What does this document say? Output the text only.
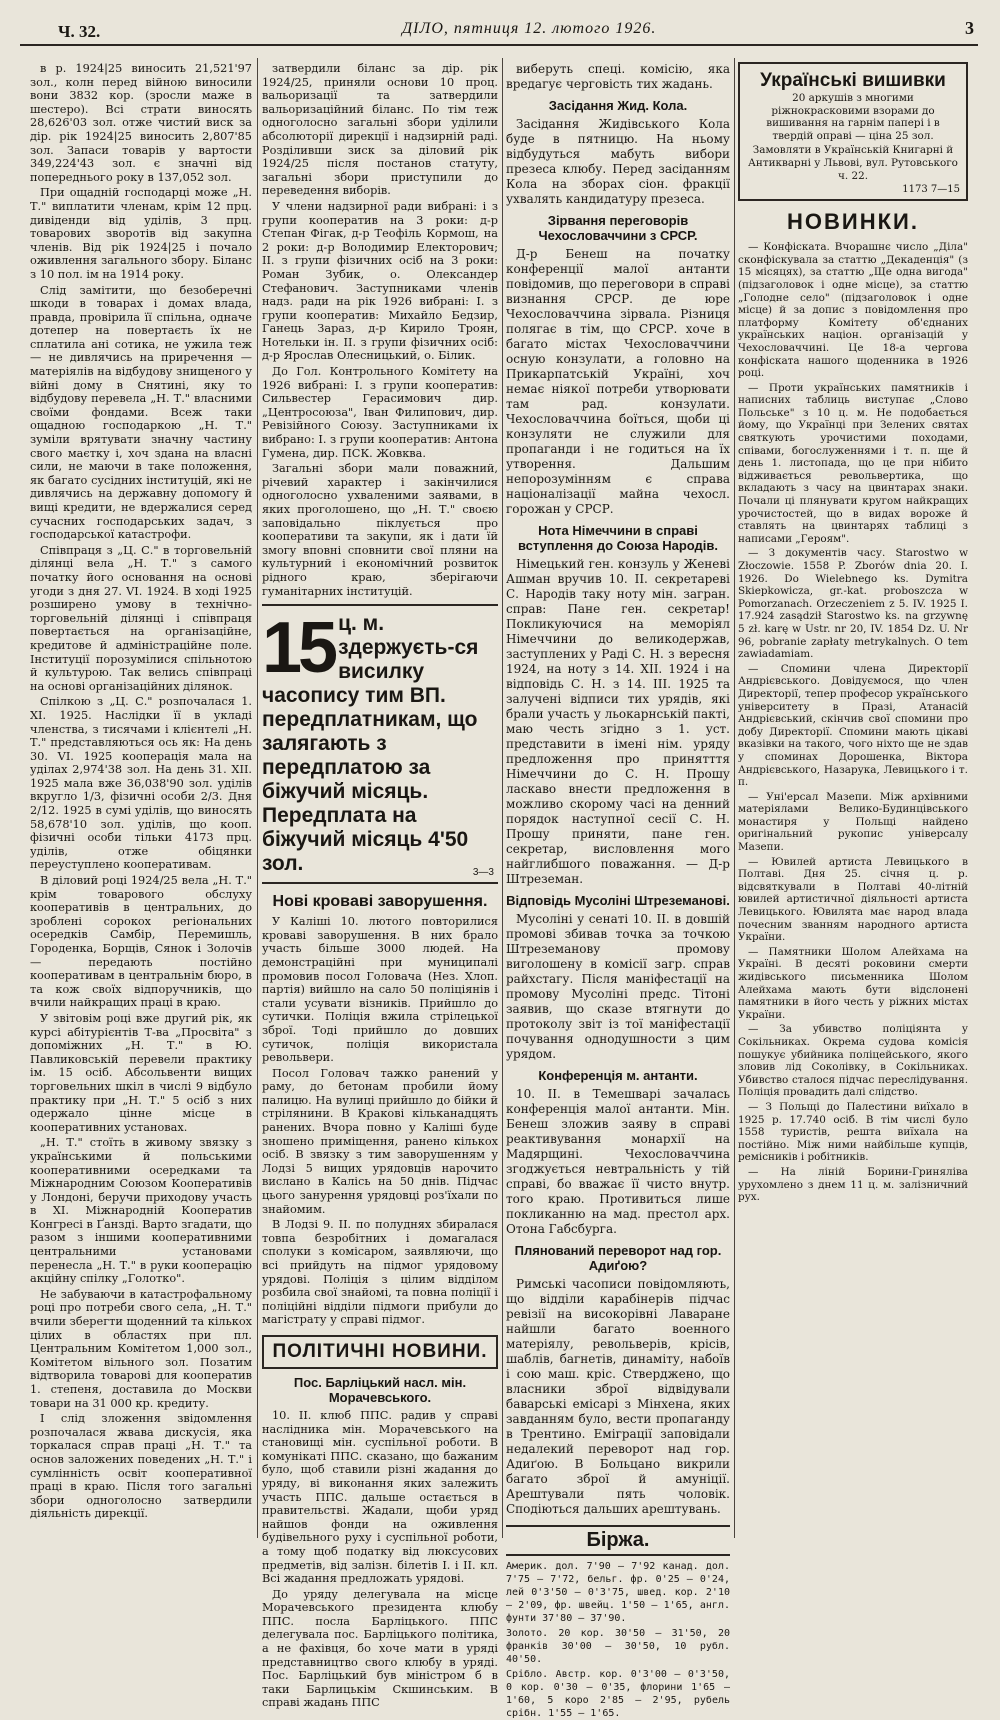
Ч. 32.	ДІЛО, пятниця 12. лютого 1926.	3

в р. 1924|25 виносить 21,521'97 зол., колн перед війною виносили вони 3832 кор. (зросли маже в шестеро). Всі страти виносять 28,626'03 зол. отже чистий виск за дір. рік 1924|25 виносить 2,807'85 зол. Запаси товарів у вартости 349,224'43 зол. є значні від попереднього року в 137,052 зол.

При ощадній господарці може „Н. Т." виплатити членам, крім 12 прц. дивіденди від уділів, 3 прц. товарових зворотів від закупна членів. Від рік 1924|25 і почало оживлення загального збору. Біланс з 10 пол. ім на 1914 року.

Слід замітити, що безоберечні шкоди в товарах і домах влада, правда, провірила її спільна, одначе дотепер на повертаєть їх не сплатила ані сотика, не ужила теж — не дивлячись на приречення — матеріялів на відбудову знищеного у війні дому в Снятині, яку то відбудову перевела „Н. Т." власними своїми фондами. Всеж таки ощадною господаркою „Н. Т." зуміли врятувати значну частину свого маєтку і, хоч здана на власні сили, не маючи в таке положення, як багато сусідних інституцій, які не дивлячись на державну допомогу й вищі кредити, не вдержалися серед сучасних господарських задач, з господарської катастрофи.

Співпраця з „Ц. С." в торговельній ділянці вела „Н. Т." з самого початку його основання на основі угоди з дня 27. VI. 1924. В ході 1925 розширено умову в технічно-торговельній ділянці і співпраця повертається на організаційне, кредитове й адміністраційне поле. Інституції порозумілися спільнотою й культурою. Так велись співпраці на основі організаційних ділянок.

Спілкою з „Ц. С." розпочалася 1. XI. 1925. Наслідки її в укладі членства, з тисячами і клієнтелі „Н. Т." представляються ось як: На день 30. VI. 1925 кооперація мала на уділах 2,974'38 зол. На день 31. XII. 1925 мала вже 36,038'90 зол. уділів вкругло 1/3, фізичні особи 2/3. Дня 2/12. 1925 в сумі уділів, що виносять 58,678'10 зол. уділів, що кооп. фізичні особи тільки 4173 прц. уділів, отже обіцянки переуступлено кооперативам.

В діловий році 1924/25 вела „Н. Т." крім товарового обслуху кооперативів в центральних, до зроблені сорокох регіональних осередків Самбір, Перемишль, Городенка, Борщів, Сянок і Золочів — передають постійно кооперативам в центральнім бюро, в та кож своїх відпоручників, що вчили найкращих праці в краю.

У звітовім році вже другий рік, як курсі абітурієнтів Т-ва „Просвіта" з допоміжних „Н. Т." в Ю. Павликовській перевели практику ім. 15 осіб. Абсольвенти вищих торговельних шкіл в числі 9 відбуло практику при „Н. Т." 5 осіб з них одержало цінне місце в кооперативних установах.

„Н. Т." стоїть в живому звязку з українськими й польськими кооперативними осередками та Міжнародним Союзом Кооперативів у Лондоні, беручи приходову участь в XI. Міжнародній Кооператив Конгресі в Ґанзді. Варто згадати, що разом з іншими кооперативними центральними установами перенесла „Н. Т." в руки кооперацію акційну спілку „Голотко".

Не забуваючи в катастрофальному році про потреби свого села, „Н. Т." вчили зберегти щоденний та кількох цілих в областях при пл. Центральним Комітетом 1,000 зол., Комітетом вільного зол. Позатим відтворила товарові для кооператив 1. степеня, доставила до Москви товари на 31 000 кр. кредиту.

І слід зложення звідомлення розпочалася жвава дискусія, яка торкалася справ праці „Н. Т." та основ заложених поведених „Н. Т." і сумлінність освіт кооперативної праці в краю. Після того загальні збори одноголосно затвердили діяльність дирекції.

затвердили біланс за дір. рік 1924/25, приняли основи 10 проц. вальоризації та затвердили вальоризаційний біланс. По тім теж одноголосно загальні збори уділили абсолюторії дирекції і надзирній раді. Розділивши зиск за діловий рік 1924/25 після постанов статуту, загальні збори приступили до переведення виборів.

У члени надзирної ради вибрані: і з групи кооператив на 3 роки: д-р Степан Фігак, д-р Теофіль Кормош, на 2 роки: д-р Володимир Електорович; II. з групи фізичних осіб на 3 роки: Роман Зубик, о. Олександер Стефанович. Заступниками членів надз. ради на рік 1926 вибрані: I. з групи кооператив: Михайло Бедзир, Ганець Зараз, д-р Кирило Троян, Нотельки ін. II. з групи фізичних осіб: д-р Ярослав Олесницький, о. Білик.

До Гол. Контрольного Комітету на 1926 вибрані: I. з групи кооператив: Сильвестер Герасимович дир. „Центросоюза", Іван Филипович, дир. Ревізійного Союзу. Заступниками іх вибрано: І. з групи кооператив: Антона Гумена, дир. ПСК. Жовква.

Загальні збори мали поважний, річевий характер і закінчилися одноголосно ухваленими заявами, в яких проголошено, що „Н. Т." своєю заповідально піклується про кооперативи та закупи, як і дати їй змогу вповні сповнити свої пляни на культурний і економічний розвиток рідного краю, зберігаючи гуманітарних інституцій.

15 ц. м. здержуєть-ся висилку часопису тим ВП. передплатникам, що залягають з передплатою за біжучий місяць. Передплата на біжучий місяць 4'50 зол.	3—3
Нові кровaві заворушення.

У Каліші 10. лютого повторилися кровaві заворушення. В них брало участь більше 3000 людей. На демонстраційні при муниципалі промовив посол Головача (Нез. Хлоп. партія) вийшло на сало 50 поліціянів і стали усувати візників. Прийшло до сутички. Поліція вжила стрілецької зброї. Тоді прийшло до довших сутичок, поліція використала револьвери.

Посол Головач тажко ранений у раму, до бетонам пробили йому палицю. На вулиці прийшло до бійки й стрілянини. В Кракові кільканадцять ранених. Вчора повно у Каліші буде зношено приміщення, ранено кількох осіб. В звязку з тим заворушенням у Лодзі 5 вищих урядовців нарочито вислано в Калісь на 50 днів. Підчас цього занурення урядовці роз'їхали по знайомим.

В Лодзі 9. II. по полуднях збиралася товпа безробітних і домагалася сполуки з комісаром, заявляючи, що всі прийдуть на підмог урядовому урядові. Поліція з цілим відділом розбила свої знайомі, та повна поліції і поліційні відділи підмоги прибули до магістрату у справі підмог.

ПОЛІТИЧНІ НОВИНИ.
Пос. Барліцький насл. мін. Морачевського.

10. II. клюб ППС. радив у справі наслідника мін. Морачевського на становищі мін. суспільної роботи. В комунікаті ППС. сказано, що бажаним було, щоб ставили різні жадання до уряду, ві виконання яких залежить участь ППС. дальше остається в правительстві. Жадали, щоби уряд найшов фонди на оживлення будівельного руху і суспільної роботи, а тому щоб податку від люксусових предметів, від залізн. білетів I. і II. кл. Всі жадання предложать урядові.

До уряду делегувала на місце Морачевського президента клюбу ППС. посла Барліцького. ППС делегувала пос. Барліцького політика, а не фахівця, бо хоче мати в уряді представництво свого клюбу в уряді. Пос. Барліцький був міністром б в таки Барлицькім Скшинським. В справі жадань ППС

виберуть спеці. комісію, яка вредагує черговість тих жадань.

Засідання Жид. Кола.

Засідання Жидівського Кола буде в пятницю. На ньому відбудуться мабуть вибори презеса клюбу. Перед засіданням Кола на зборах сіон. фракції ухвалять кандидатуру презеса.

Зірвання переговорів Чехословаччини з СРСР.

Д-р Бенеш на початку конференції малої антанти повідомив, що переговори в справі визнання СРСР. де юре Чехословаччина зірвала. Різниця полягає в тім, що СРСР. хоче в багато містах Чехословаччини осную конзулати, а головно на Прикарпатській Україні, хоч немає ніякої потреби утворювати там рад. конзулати. Чехословаччина боїться, щоби ці конзуляти не служили для пропаганди і не годиться на їх утворення. Дальшим непорозумінням є справа націоналізації майна чехосл. горожан у СРСР.

Нота Німеччини в справі вступлення до Союза Народів.

Німецький ген. конзуль у Женеві Ашман вручив 10. II. секретареві С. Народів таку ноту мін. загран. справ: Пане ген. секретар! Покликуючися на меморіял Німеччини до великодержав, заступлених у Раді С. Н. з вересня 1924, на ноту з 14. XII. 1924 і на відповідь С. Н. з 14. III. 1925 та залучені відписи тих урядів, які брали участь у льокарнській пакті, маю честь згідно з 1. уст. представити в імені нім. уряду предложення про принятття Німеччини до С. Н. Прошу ласкаво внести предложення в можливо скорому часі на денний порядок наступної сесії С. Н. Прошу приняти, пане ген. секретар, висловлення мого найглибшого поважання. — Д-р Штреземан.

Відповідь Мусоліні Штреземанові.

Мусоліні у сенаті 10. II. в довшій промові збивав точка за точкою Штреземанову промову виголошену в комісії загр. справ райхстагу. Після маніфестації на промову Мусоліні предс. Тітоні заявив, що сказе втягнути до протоколу звіт із тої маніфестації почування однодушности з цим урядом.

Конференція м. антанти.

10. II. в Темешварі зачалась конференція малої антанти. Мін. Бенеш зложив заяву в справі реактивування монархії на Мадярщині. Чехословаччина згоджується невтральність у тій справі, бо вважає її чисто внутр. того краю. Противиться лише покликанню на мад. престол арх. Отона Габсбурга.

Плянований переворот над гор. Адиґою?

Римські часописи повідомляють, що відділи карабінерів підчас ревізії на високорівні Лаваране найшли багато военного матеріялу, револьверів, крісів, шаблів, багнетів, динаміту, набоїв і сою маш. кріс. Стверджено, що власники зброї відвідували баварські емісарі з Мінхена, яких завданням було, вести пропаганду в Трентино. Еміграції заповідали недалекий переворот над гор. Адиґою. В Больцано викрили багато зброї й амуніції. Арештували пять чоловік. Сподіються дальших арештувань.

Біржа.

Америк. дол. 7'90 — 7'92 канад. дол. 7'75 — 7'72, бельг. фр. 0'25 — 0'24, лей 0'3'50 — 0'3'75, швед. кор. 2'10 — 2'09, фр. швейц. 1'50 — 1'65, англ. фунти 37'80 — 37'90.

Золото. 20 кор. 30'50 — 31'50, 20 франків 30'00 — 30'50, 10 рубл. 40'50.

Срібло. Австр. кор. 0'3'00 — 0'3'50, 0 кор. 0'30 — 0'35, флорини 1'65 — 1'60, 5 коро 2'85 — 2'95, рубель срібн. 1'55 — 1'65.

Українські вишивки

20 аркушів з многими ріжнокрасковими взорами до вишивання на гарнім папері і в твердій оправі — ціна 25 зол.

Замовляти в Українській Книгарні й Антикварні у Львові, вул. Рутовського ч. 22.

1173 7—15
НОВИНКИ.

— Конфіската. Вчорашнє число „Діла" сконфіскувала за статтю „Декаденція" (з 15 місяцях), за статтю „Ще одна вигода" (підзаголовок і одне місце), за статтю „Голодне село" (підзаголовок і одне місце) й за допис з повідомлення про платформу Комітету об'єднаних українських націон. організацій у Чехословаччині. Це 18-а чергова конфіската нашого щоденника в 1926 році.

— Проти українських памятників і написних таблиць виступає „Слово Польське" з 10 ц. м. Не подобається йому, що Українці при Зелених святах святкують урочистими походами, співами, богослуженнями і т. п. ще й день 1. листопада, що це при нібито відживається револьвертика, що вкладають з часу на цвинтарах знаки. Почали ці плянувати кругом найкращих урочистостей, що в видах вороже й ставлять на цвинтарях таблиці з написами „Героям".

— З документів часу. Starostwo w Złoczowie. 1558 P. Zborów dnia 20. I. 1926. Do Wielebnego ks. Dymitra Skiepkowicza, gr.-kat. proboszcza w Pomorzanach. Orzeczeniem z 5. IV. 1925 I. 17.924 zasądził Starostwo ks. na grzywnę 5 zł. karę w Ustr. nr 20, IV. 1854 Dz. U. Nr 96, pobranie zapłaty metrykalnych. O tem zawiadamiam.

— Спомини члена Директорії Андрієвського. Довідуємося, що член Директорії, тепер професор українського університету в Празі, Атанасій Андрієвський, скінчив свої спомини про добу Директорії. Спомини мають цікаві вказівки на такого, чого ніхто ще не здав у споминах Дорошенка, Віктора Андрієвського, Назарука, Левицького і т. п.

— Уні'ерсал Мазепи. Між архівними матеріялами Велико-Будинцівського монастиря у Польщі найдено оригінальний рукопис універсалу Мазепи.

— Ювилей артиста Левицького в Полтаві. Дня 25. січня ц. р. відсвяткували в Полтаві 40-літній ювилей артистичної діяльності артиста Левицького. Ювилята має народ влада почесним званням народного артиста України.

— Памятники Шолом Алейхама на Україні. В десяті роковини смерти жидівського письменника Шолом Алейхама мають бути відслонені памятники в його честь у ріжних містах України.

— За убивство поліціянта у Сокільниках. Окрема судова комісія пошукує убийника поліцейського, якого зловив лід Соколівку, в Сокільниках. Убивство сталося підчас переслідування. Поліція провадить далі слідство.

— З Польщі до Палестини виїхало в 1925 р. 17.740 осіб. В тім числі було 1558 туристів, решта виїхала на постійно. Між ними найбільше купців, ремісників і робітників.

— На ліній Борини-Гриняліва урухомлено з днем 11 ц. м. залізничний рух.
